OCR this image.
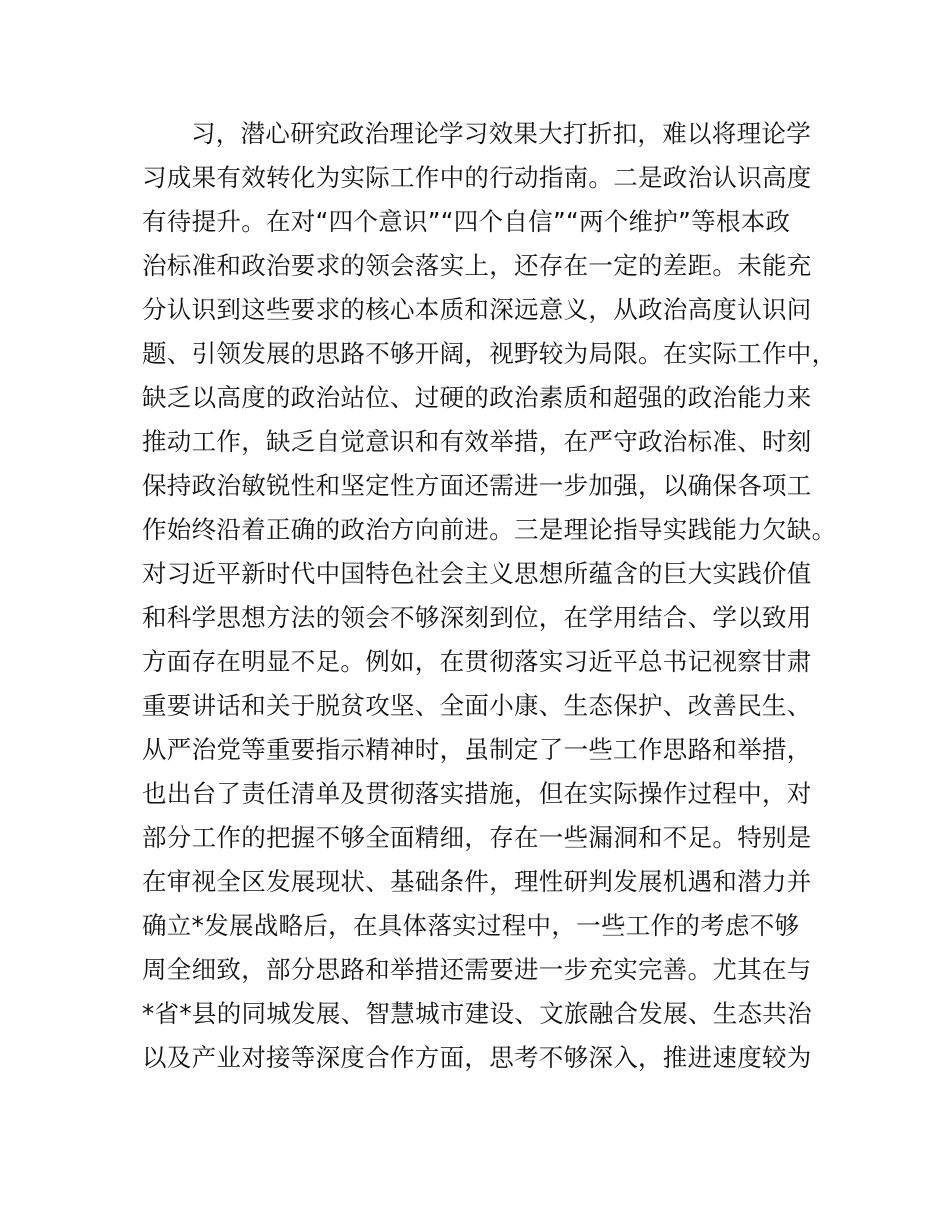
习，潜心研究政治理论学习效果大打折扣，难以将理论学
习成果有效转化为实际工作中的行动指南。二是政治认识高度
有待提升。在对“四个意识”“四个自信”“两个维护”等根本政
治标准和政治要求的领会落实上，还存在一定的差距。未能充
分认识到这些要求的核心本质和深远意义，从政治高度认识问
题、引领发展的思路不够开阔，视野较为局限。在实际工作中，
缺乏以高度的政治站位、过硬的政治素质和超强的政治能力来
推动工作，缺乏自觉意识和有效举措，在严守政治标准、时刻
保持政治敏锐性和坚定性方面还需进一步加强，以确保各项工
作始终沿着正确的政治方向前进。三是理论指导实践能力欠缺。
对习近平新时代中国特色社会主义思想所蕴含的巨大实践价值
和科学思想方法的领会不够深刻到位，在学用结合、学以致用
方面存在明显不足。例如，在贯彻落实习近平总书记视察甘肃
重要讲话和关于脱贫攻坚、全面小康、生态保护、改善民生、
从严治党等重要指示精神时，虽制定了一些工作思路和举措，
也出台了责任清单及贯彻落实措施，但在实际操作过程中，对
部分工作的把握不够全面精细，存在一些漏洞和不足。特别是
在审视全区发展现状、基础条件，理性研判发展机遇和潜力并
确立*发展战略后，在具体落实过程中，一些工作的考虑不够
周全细致，部分思路和举措还需要进一步充实完善。尤其在与
*省*县的同城发展、智慧城市建设、文旅融合发展、生态共治
以及产业对接等深度合作方面，思考不够深入，推进速度较为
